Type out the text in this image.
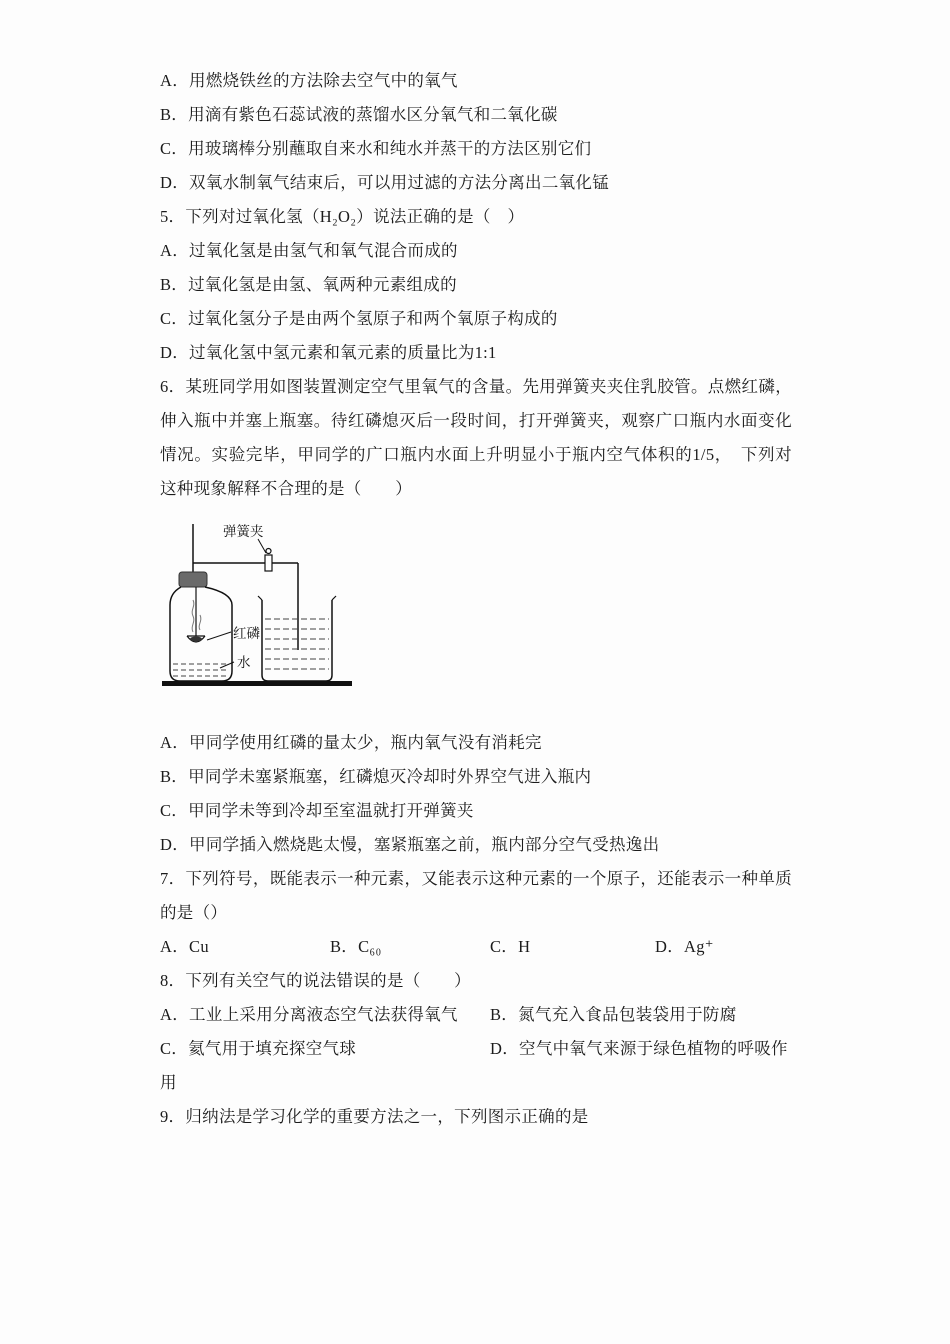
A．用燃烧铁丝的方法除去空气中的氧气

B．用滴有紫色石蕊试液的蒸馏水区分氧气和二氧化碳

C．用玻璃棒分别蘸取自来水和纯水并蒸干的方法区别它们

D．双氧水制氧气结束后，可以用过滤的方法分离出二氧化锰

5．下列对过氧化氢（H₂O₂）说法正确的是（　）

A．过氧化氢是由氢气和氧气混合而成的

B．过氧化氢是由氢、氧两种元素组成的

C．过氧化氢分子是由两个氢原子和两个氧原子构成的

D．过氧化氢中氢元素和氧元素的质量比为1:1

6．某班同学用如图装置测定空气里氧气的含量。先用弹簧夹夹住乳胶管。点燃红磷，伸入瓶中并塞上瓶塞。待红磷熄灭后一段时间，打开弹簧夹，观察广口瓶内水面变化情况。实验完毕，甲同学的广口瓶内水面上升明显小于瓶内空气体积的1/5，　下列对这种现象解释不合理的是（　　）

弹簧夹
红磷
水

A．甲同学使用红磷的量太少，瓶内氧气没有消耗完

B．甲同学未塞紧瓶塞，红磷熄灭冷却时外界空气进入瓶内

C．甲同学未等到冷却至室温就打开弹簧夹

D．甲同学插入燃烧匙太慢，塞紧瓶塞之前，瓶内部分空气受热逸出

7．下列符号，既能表示一种元素，又能表示这种元素的一个原子，还能表示一种单质的是（）

A．Cu	B．C₆₀	C．H	D．Ag⁺

8．下列有关空气的说法错误的是（　　）

A．工业上采用分离液态空气法获得氧气	B．氮气充入食品包装袋用于防腐
C．氦气用于填充探空气球	D．空气中氧气来源于绿色植物的呼吸作

用

9．归纳法是学习化学的重要方法之一，下列图示正确的是
